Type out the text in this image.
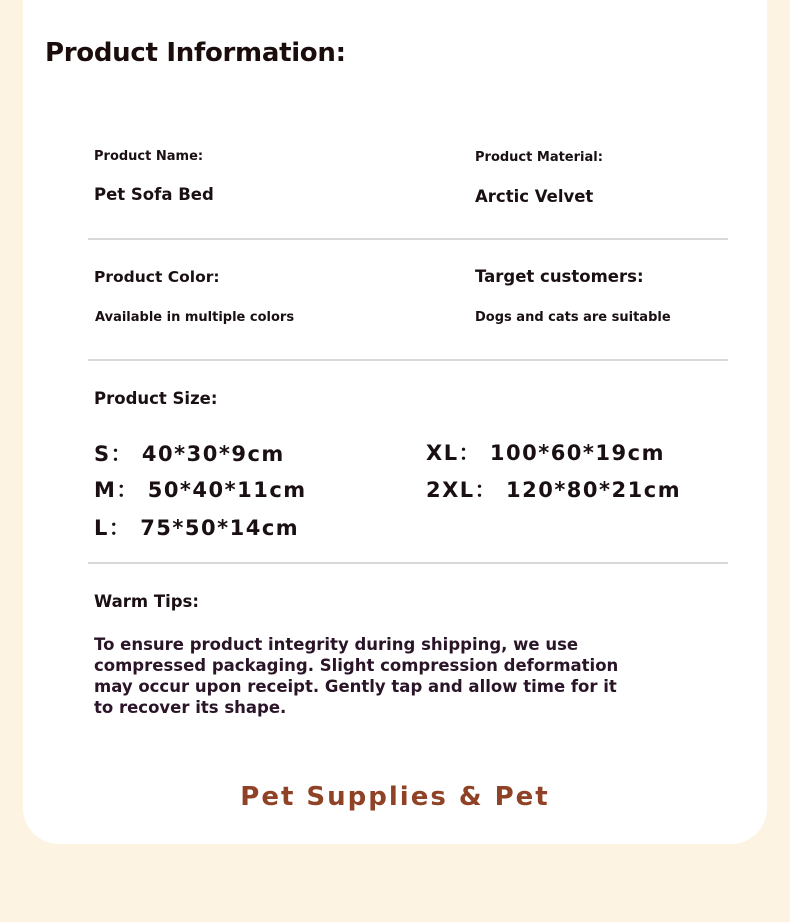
Product Information:
Product Name:
Pet Sofa Bed
Product Material:
Arctic Velvet
Product Color:
Available in multiple colors
Target customers:
Dogs and cats are suitable
Product Size:
S： 40*30*9cm
M： 50*40*11cm
L： 75*50*14cm
XL： 100*60*19cm
2XL： 120*80*21cm
Warm Tips:
To ensure product integrity during shipping, we use compressed packaging. Slight compression deformation may occur upon receipt. Gently tap and allow time for it to recover its shape.
Pet Supplies & Pet
